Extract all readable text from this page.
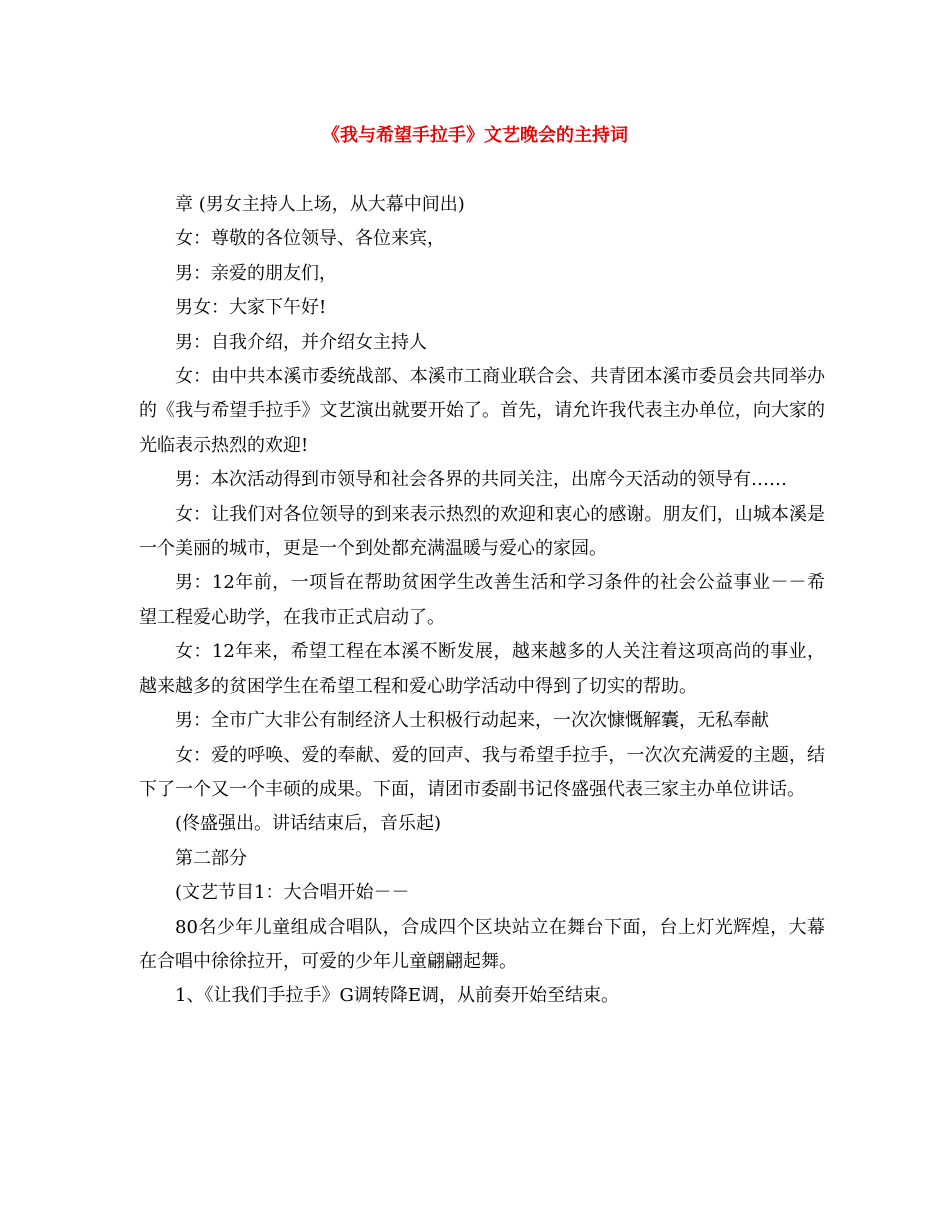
《我与希望手拉手》文艺晚会的主持词

章 (男女主持人上场，从大幕中间出)

女：尊敬的各位领导、各位来宾，

男：亲爱的朋友们，

男女：大家下午好!

男：自我介绍，并介绍女主持人

女：由中共本溪市委统战部、本溪市工商业联合会、共青团本溪市委员会共同举办的《我与希望手拉手》文艺演出就要开始了。首先，请允许我代表主办单位，向大家的光临表示热烈的欢迎!

男：本次活动得到市领导和社会各界的共同关注，出席今天活动的领导有……

女：让我们对各位领导的到来表示热烈的欢迎和衷心的感谢。朋友们，山城本溪是一个美丽的城市，更是一个到处都充满温暖与爱心的家园。

男：12年前，一项旨在帮助贫困学生改善生活和学习条件的社会公益事业－－希望工程爱心助学，在我市正式启动了。

女：12年来，希望工程在本溪不断发展，越来越多的人关注着这项高尚的事业，越来越多的贫困学生在希望工程和爱心助学活动中得到了切实的帮助。

男：全市广大非公有制经济人士积极行动起来，一次次慷慨解囊，无私奉献

女：爱的呼唤、爱的奉献、爱的回声、我与希望手拉手，一次次充满爱的主题，结下了一个又一个丰硕的成果。下面，请团市委副书记佟盛强代表三家主办单位讲话。

(佟盛强出。讲话结束后，音乐起)

第二部分

(文艺节目1：大合唱开始－－

80名少年儿童组成合唱队，合成四个区块站立在舞台下面，台上灯光辉煌，大幕在合唱中徐徐拉开，可爱的少年儿童翩翩起舞。

1、《让我们手拉手》G调转降E调，从前奏开始至结束。
